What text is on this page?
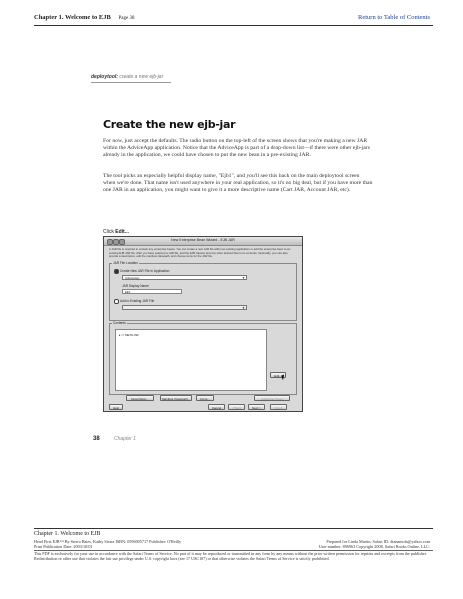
Chapter 1. Welcome to EJB Page 38	Return to Table of Contents
deploytool: create a new ejb-jar
Create the new ejb-jar
For now, just accept the defaults. The radio button on the top-left of the screen shows that you're making a new JAR within the AdviceApp application. Notice that the AdviceApp is part of a drop-down list—if there were other ejb-jars already in the application, we could have chosen to put the new bean in a pre-existing JAR.
The tool picks an especially helpful display name, "Ejb1", and you'll see this back on the main deploytool screen when we're done. That name isn't used anywhere in your real application, so it's no big deal, but if you have more than one JAR in an application, you might want to give it a more descriptive name (Cart JAR, Account JAR, etc).
Click Edit...
New Enterprise Bean Wizard - EJB JAR
A JAR file is required to contain any enterprise beans. You can create a new JAR file within an existing application or add the enterprise bean to an existing EJB JAR file. After you have selected a JAR file, add the EJB classes and any other desired files to its contents. Optionally, you can also provide a description, edit the manifest classpath, and choose icons for the JAR file.
JAR File Location
Create New JAR File in Application
AdviceApp	▼
JAR Display Name
Ejb1
Add to Existing JAR File
▼
Contents
▸ ▭ META-INF
Edit...
Description...	Manifest Classpath...	Icons...	Additional Sheet
Help	Cancel	< Back	Next >	Finish
38	Chapter 1
Chapter 1. Welcome to EJB
Head First EJB™ By Sierra Bates, Kathy Sierra ISBN: 0596005717 Publisher: O'Reilly	Prepared for Linda Martin, Safari ID: dianamola@yahoo.com
Print Publication Date: 2003/10/01	User number: 896963 Copyright 2008, Safari Books Online, LLC.
This PDF is exclusively for your use in accordance with the Safari Terms of Service. No part of it may be reproduced or transmitted in any form by any means without the prior written permission for reprints and excerpts from the publisher. Redistribution or other use that violates the fair use privilege under U.S. copyright laws (see 17 USC107) or that otherwise violates the Safari Terms of Service is strictly prohibited.
